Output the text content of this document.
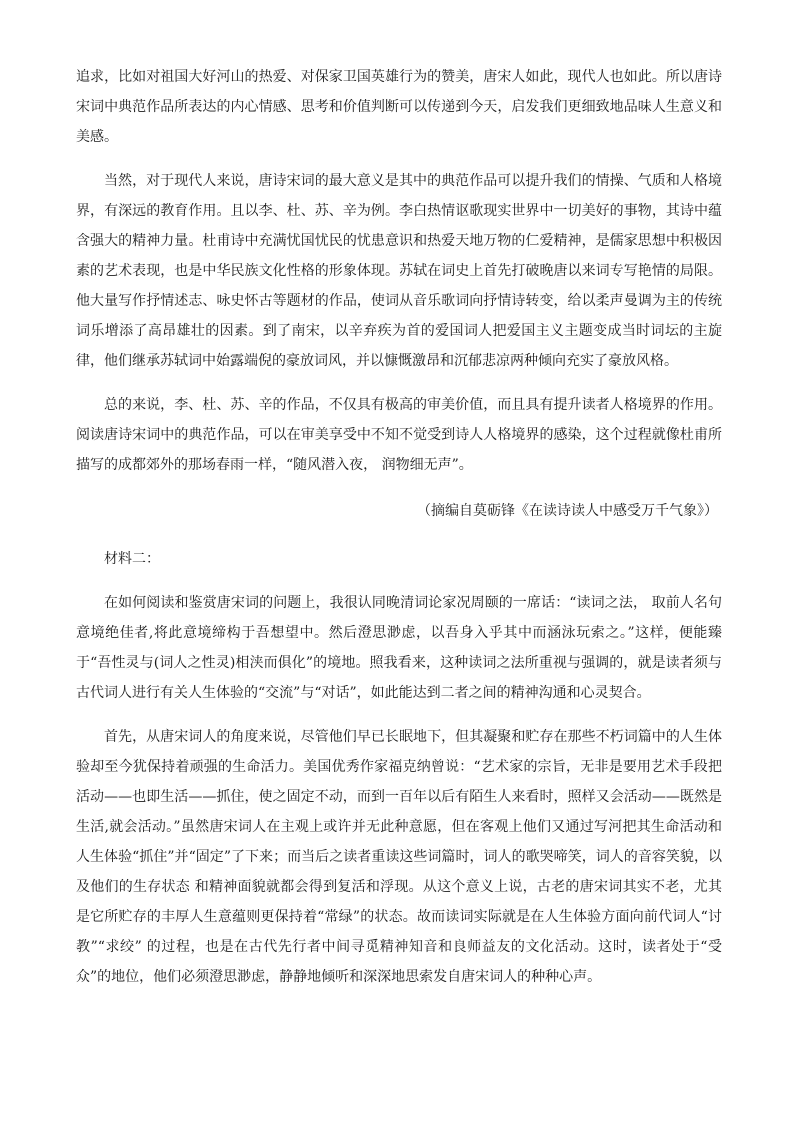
追求，比如对祖国大好河山的热爱、对保家卫国英雄行为的赞美，唐宋人如此，现代人也如此。所以唐诗宋词中典范作品所表达的内心情感、思考和价值判断可以传递到今天，启发我们更细致地品味人生意义和美感。

当然，对于现代人来说，唐诗宋词的最大意义是其中的典范作品可以提升我们的情操、气质和人格境界，有深远的教育作用。且以李、杜、苏、辛为例。李白热情讴歌现实世界中一切美好的事物，其诗中蕴含强大的精神力量。杜甫诗中充满忧国忧民的忧患意识和热爱天地万物的仁爱精神，是儒家思想中积极因素的艺术表现，也是中华民族文化性格的形象体现。苏轼在词史上首先打破晚唐以来词专写艳情的局限。他大量写作抒情述志、咏史怀古等题材的作品，使词从音乐歌词向抒情诗转变，给以柔声曼调为主的传统词乐增添了高昂雄壮的因素。到了南宋，以辛弃疾为首的爱国词人把爱国主义主题变成当时词坛的主旋律，他们继承苏轼词中始露端倪的豪放词风，并以慷慨激昂和沉郁悲凉两种倾向充实了豪放风格。

总的来说，李、杜、苏、辛的作品，不仅具有极高的审美价值，而且具有提升读者人格境界的作用。阅读唐诗宋词中的典范作品，可以在审美享受中不知不觉受到诗人人格境界的感染，这个过程就像杜甫所描写的成都郊外的那场春雨一样，“随风潜入夜， 润物细无声”。

（摘编自莫砺锋《在读诗读人中感受万千气象》）

材料二：

在如何阅读和鉴赏唐宋词的问题上，我很认同晚清词论家况周颐的一席话：“读词之法， 取前人名句意境绝佳者,将此意境缔构于吾想望中。然后澄思渺虑，以吾身入乎其中而涵泳玩索之。”这样，便能臻于“吾性灵与(词人之性灵)相浃而俱化”的境地。照我看来，这种读词之法所重视与强调的，就是读者须与古代词人进行有关人生体验的“交流”与“对话”，如此能达到二者之间的精神沟通和心灵契合。

首先，从唐宋词人的角度来说，尽管他们早已长眠地下，但其凝聚和贮存在那些不朽词篇中的人生体验却至今犹保持着顽强的生命活力。美国优秀作家福克纳曾说：“艺术家的宗旨，无非是要用艺术手段把活动——也即生活——抓住，使之固定不动，而到一百年以后有陌生人来看时，照样又会活动——既然是生活,就会活动。”虽然唐宋词人在主观上或许并无此种意愿，但在客观上他们又通过写河把其生命活动和人生体验“抓住”并“固定”了下来；而当后之读者重读这些词篇时，词人的歌哭啼笑，词人的音容笑貌，以及他们的生存状态 和精神面貌就都会得到复活和浮现。从这个意义上说，古老的唐宋词其实不老，尤其是它所贮存的丰厚人生意蕴则更保持着“常绿”的状态。故而读词实际就是在人生体验方面向前代词人“讨教”“求绞” 的过程，也是在古代先行者中间寻觅精神知音和良师益友的文化活动。这时，读者处于“受众”的地位，他们必须澄思渺虑，静静地倾听和深深地思索发自唐宋词人的种种心声。
